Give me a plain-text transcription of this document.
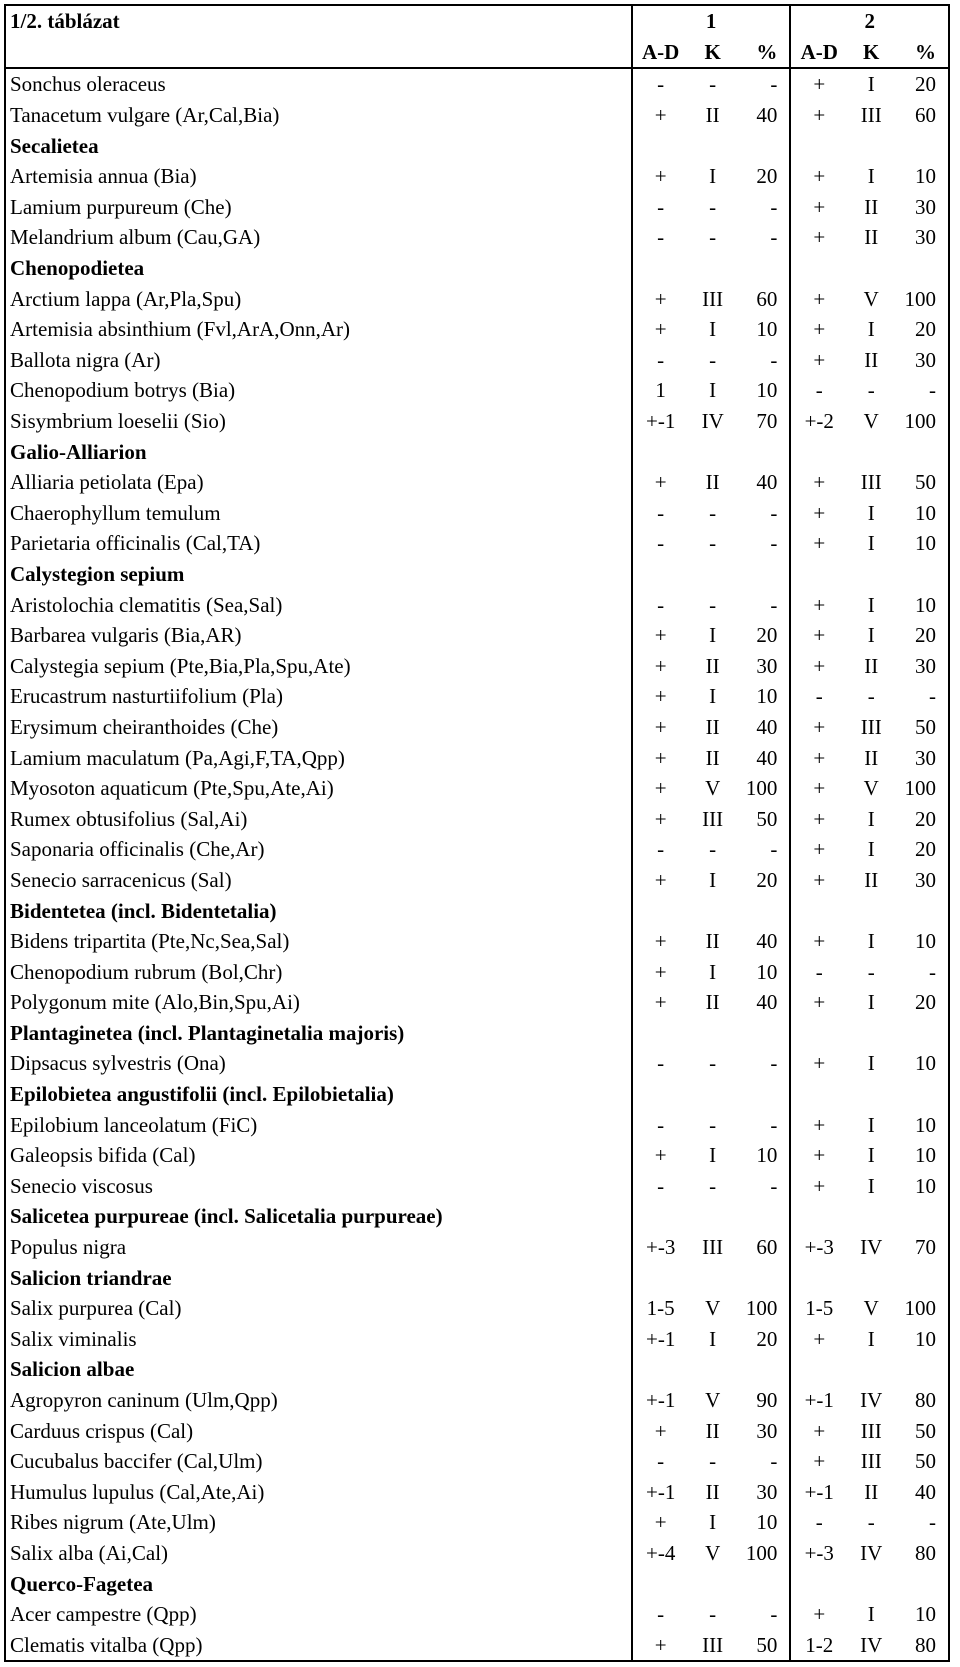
1/2. táblázat	1			2		
	A-D	K	%	A-D	K	%
Sonchus oleraceus	-	-	-	+	I	20
Tanacetum vulgare (Ar,Cal,Bia)	+	II	40	+	III	60
Secalietea						
Artemisia annua (Bia)	+	I	20	+	I	10
Lamium purpureum (Che)	-	-	-	+	II	30
Melandrium album (Cau,GA)	-	-	-	+	II	30
Chenopodietea						
Arctium lappa (Ar,Pla,Spu)	+	III	60	+	V	100
Artemisia absinthium (Fvl,ArA,Onn,Ar)	+	I	10	+	I	20
Ballota nigra (Ar)	-	-	-	+	II	30
Chenopodium botrys (Bia)	1	I	10	-	-	-
Sisymbrium loeselii (Sio)	+-1	IV	70	+-2	V	100
Galio-Alliarion						
Alliaria petiolata (Epa)	+	II	40	+	III	50
Chaerophyllum temulum	-	-	-	+	I	10
Parietaria officinalis (Cal,TA)	-	-	-	+	I	10
Calystegion sepium						
Aristolochia clematitis (Sea,Sal)	-	-	-	+	I	10
Barbarea vulgaris (Bia,AR)	+	I	20	+	I	20
Calystegia sepium (Pte,Bia,Pla,Spu,Ate)	+	II	30	+	II	30
Erucastrum nasturtiifolium (Pla)	+	I	10	-	-	-
Erysimum cheiranthoides (Che)	+	II	40	+	III	50
Lamium maculatum (Pa,Agi,F,TA,Qpp)	+	II	40	+	II	30
Myosoton aquaticum (Pte,Spu,Ate,Ai)	+	V	100	+	V	100
Rumex obtusifolius (Sal,Ai)	+	III	50	+	I	20
Saponaria officinalis (Che,Ar)	-	-	-	+	I	20
Senecio sarracenicus (Sal)	+	I	20	+	II	30
Bidentetea (incl. Bidentetalia)						
Bidens tripartita (Pte,Nc,Sea,Sal)	+	II	40	+	I	10
Chenopodium rubrum (Bol,Chr)	+	I	10	-	-	-
Polygonum mite (Alo,Bin,Spu,Ai)	+	II	40	+	I	20
Plantaginetea (incl. Plantaginetalia majoris)						
Dipsacus sylvestris (Ona)	-	-	-	+	I	10
Epilobietea angustifolii (incl. Epilobietalia)						
Epilobium lanceolatum (FiC)	-	-	-	+	I	10
Galeopsis bifida (Cal)	+	I	10	+	I	10
Senecio viscosus	-	-	-	+	I	10
Salicetea purpureae (incl. Salicetalia purpureae)						
Populus nigra	+-3	III	60	+-3	IV	70
Salicion triandrae						
Salix purpurea (Cal)	1-5	V	100	1-5	V	100
Salix viminalis	+-1	I	20	+	I	10
Salicion albae						
Agropyron caninum (Ulm,Qpp)	+-1	V	90	+-1	IV	80
Carduus crispus (Cal)	+	II	30	+	III	50
Cucubalus baccifer (Cal,Ulm)	-	-	-	+	III	50
Humulus lupulus (Cal,Ate,Ai)	+-1	II	30	+-1	II	40
Ribes nigrum (Ate,Ulm)	+	I	10	-	-	-
Salix alba (Ai,Cal)	+-4	V	100	+-3	IV	80
Querco-Fagetea						
Acer campestre (Qpp)	-	-	-	+	I	10
Clematis vitalba (Qpp)	+	III	50	1-2	IV	80
